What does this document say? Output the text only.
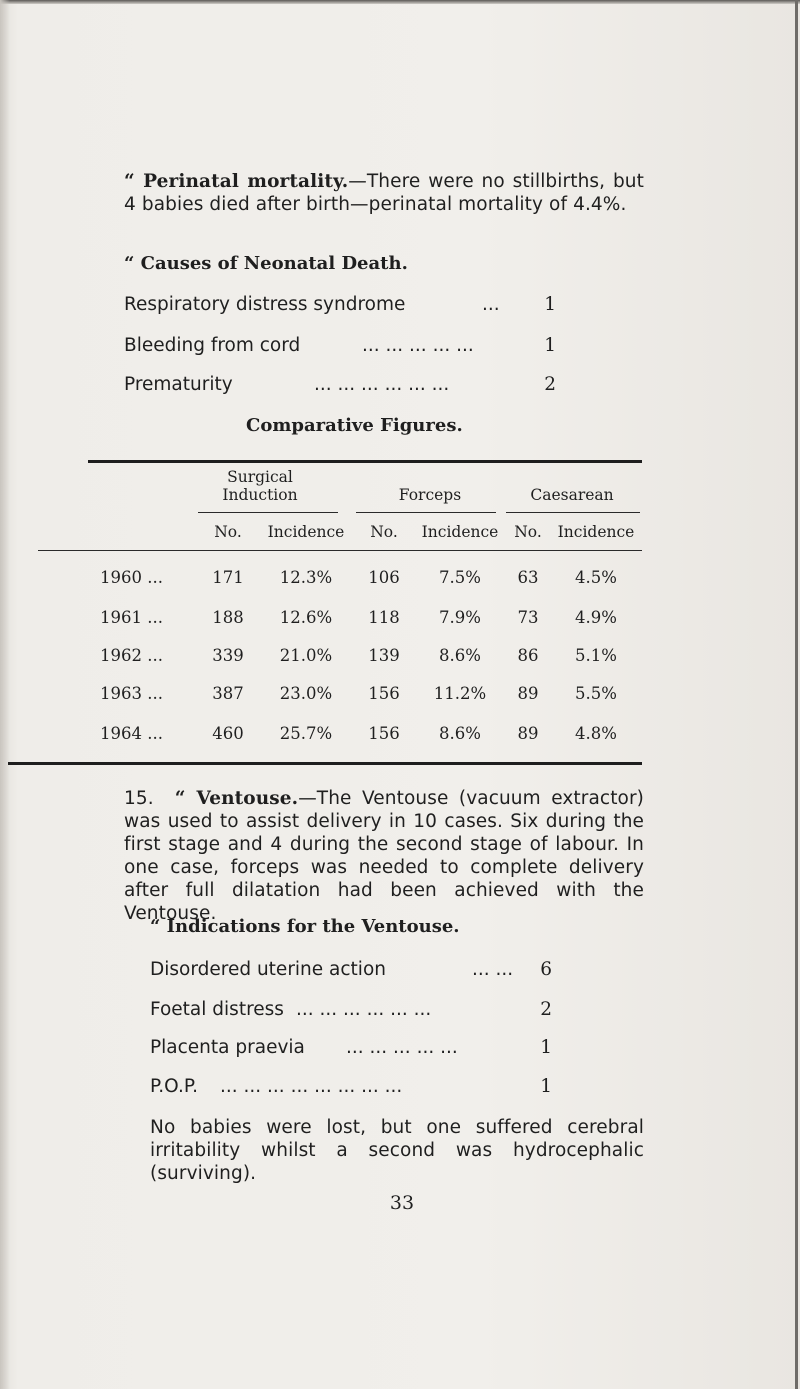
“ Perinatal mortality.—There were no stillbirths, but 4 babies died after birth—perinatal mortality of 4.4%.
“ Causes of Neonatal Death.
Respiratory distress syndrome	... 1
Bleeding from cord	... ... ... ... ...	1
Prematurity	... ... ... ... ... ...	2
Comparative Figures.
Surgical
Induction	Forceps	Caesarean
No.	Incidence	No.	Incidence	No.	Incidence
1960 ...	171	12.3%	106	7.5%	63	4.5%
1961 ...	188	12.6%	118	7.9%	73	4.9%
1962 ...	339	21.0%	139	8.6%	86	5.1%
1963 ...	387	23.0%	156	11.2%	89	5.5%
1964 ...	460	25.7%	156	8.6%	89	4.8%
15. “ Ventouse.—The Ventouse (vacuum extractor) was used to assist delivery in 10 cases. Six during the first stage and 4 during the second stage of labour. In one case, forceps was needed to complete delivery after full dilatation had been achieved with the Ventouse.
“ Indications for the Ventouse.
Disordered uterine action	... ... 6
Foetal distress ... ... ... ... ... ...	2
Placenta praevia ... ... ... ... ...	1
P.O.P. ... ... ... ... ... ... ... ...	1
No babies were lost, but one suffered cerebral irritability whilst a second was hydrocephalic (surviving).
33
